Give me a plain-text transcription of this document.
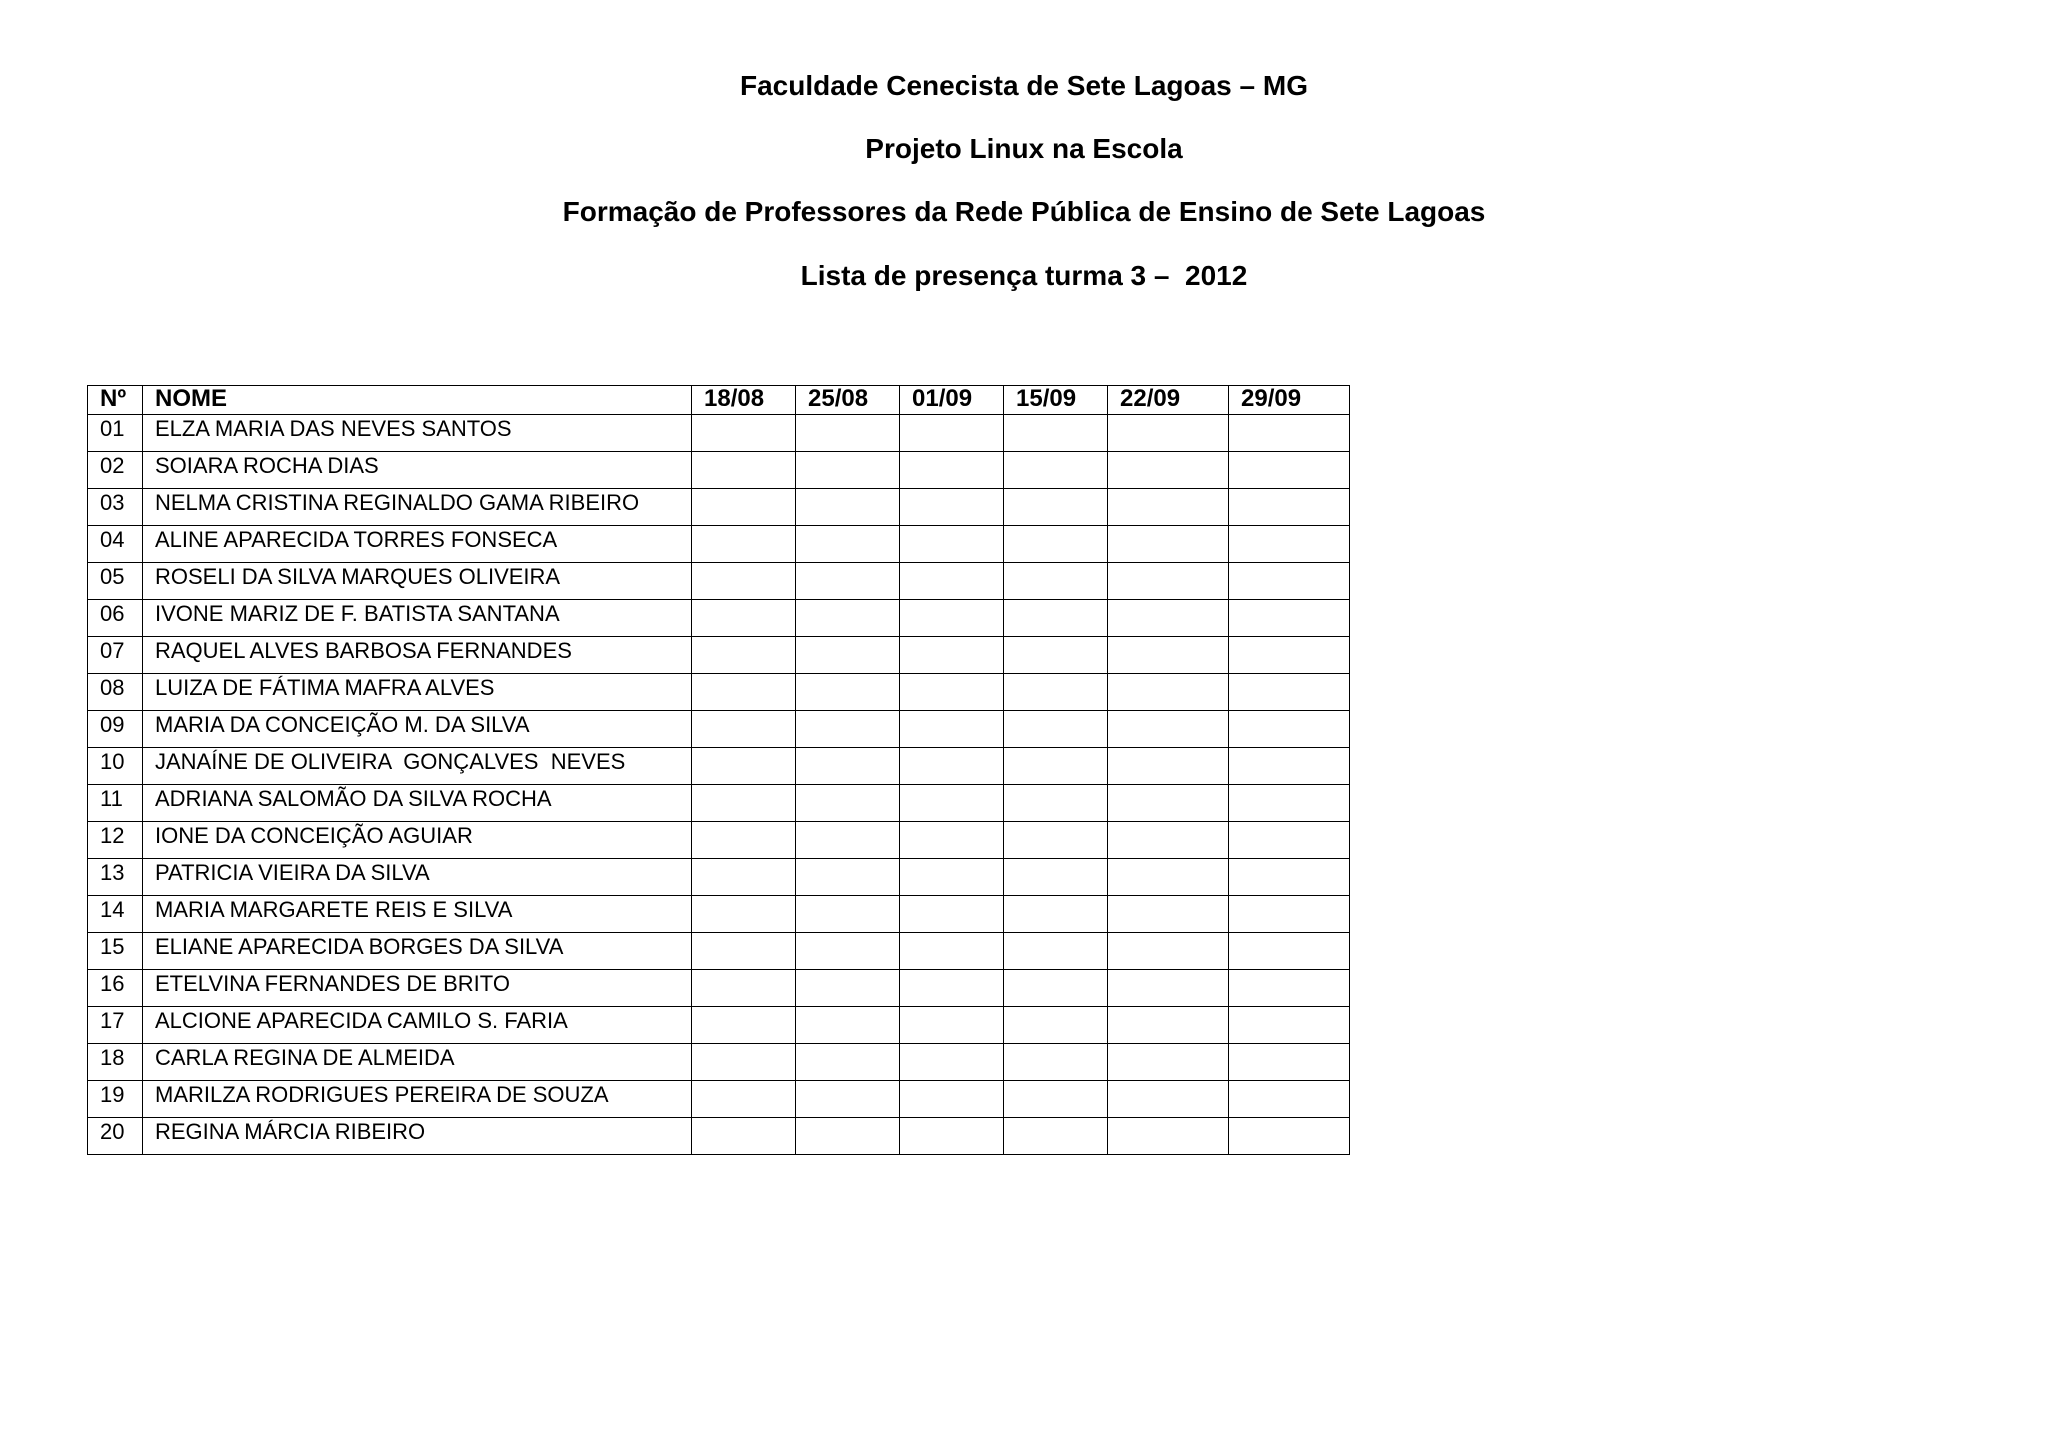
Faculdade Cenecista de Sete Lagoas – MG
Projeto Linux na Escola
Formação de Professores da Rede Pública de Ensino de Sete Lagoas
Lista de presença turma 3 –  2012
Nº	NOME	18/08	25/08	01/09	15/09	22/09	29/09
01	ELZA MARIA DAS NEVES SANTOS						
02	SOIARA ROCHA DIAS						
03	NELMA CRISTINA REGINALDO GAMA RIBEIRO						
04	ALINE APARECIDA TORRES FONSECA						
05	ROSELI DA SILVA MARQUES OLIVEIRA						
06	IVONE MARIZ DE F. BATISTA SANTANA						
07	RAQUEL ALVES BARBOSA FERNANDES						
08	LUIZA DE FÁTIMA MAFRA ALVES						
09	MARIA DA CONCEIÇÃO M. DA SILVA						
10	JANAÍNE DE OLIVEIRA  GONÇALVES  NEVES						
11	ADRIANA SALOMÃO DA SILVA ROCHA						
12	IONE DA CONCEIÇÃO AGUIAR						
13	PATRICIA VIEIRA DA SILVA						
14	MARIA MARGARETE REIS E SILVA						
15	ELIANE APARECIDA BORGES DA SILVA						
16	ETELVINA FERNANDES DE BRITO						
17	ALCIONE APARECIDA CAMILO S. FARIA						
18	CARLA REGINA DE ALMEIDA						
19	MARILZA RODRIGUES PEREIRA DE SOUZA						
20	REGINA MÁRCIA RIBEIRO						
